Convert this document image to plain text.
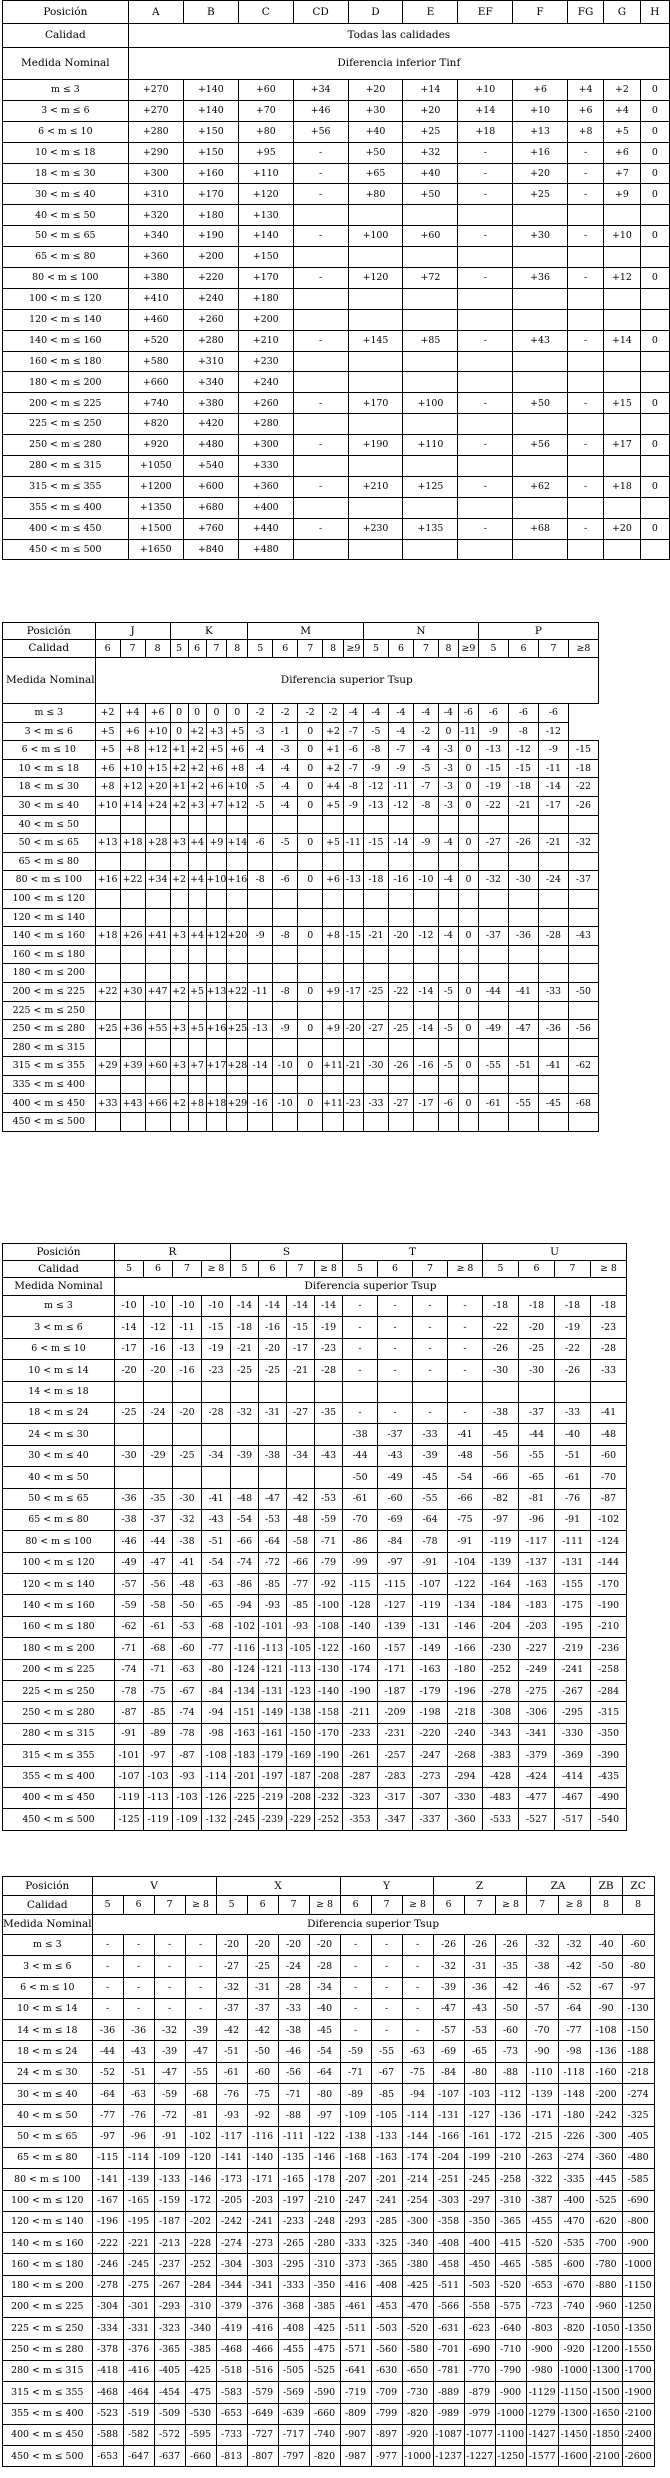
Posición	A	B	C	CD	D	E	EF	F	FG	G	H
Calidad	Todas las calidades										
Medida Nominal	Diferencia inferior Tinf										
m ≤ 3	+270	+140	+60	+34	+20	+14	+10	+6	+4	+2	0
3 < m ≤ 6	+270	+140	+70	+46	+30	+20	+14	+10	+6	+4	0
6 < m ≤ 10	+280	+150	+80	+56	+40	+25	+18	+13	+8	+5	0
10 < m ≤ 18	+290	+150	+95	-	+50	+32	-	+16	-	+6	0
18 < m ≤ 30	+300	+160	+110	-	+65	+40	-	+20	-	+7	0
30 < m ≤ 40	+310	+170	+120	-	+80	+50	-	+25	-	+9	0
40 < m ≤ 50	+320	+180	+130								
50 < m ≤ 65	+340	+190	+140	-	+100	+60	-	+30	-	+10	0
65 < m ≤ 80	+360	+200	+150								
80 < m ≤ 100	+380	+220	+170	-	+120	+72	-	+36	-	+12	0
100 < m ≤ 120	+410	+240	+180								
120 < m ≤ 140	+460	+260	+200								
140 < m ≤ 160	+520	+280	+210	-	+145	+85	-	+43	-	+14	0
160 < m ≤ 180	+580	+310	+230								
180 < m ≤ 200	+660	+340	+240								
200 < m ≤ 225	+740	+380	+260	-	+170	+100	-	+50	-	+15	0
225 < m ≤ 250	+820	+420	+280								
250 < m ≤ 280	+920	+480	+300	-	+190	+110	-	+56	-	+17	0
280 < m ≤ 315	+1050	+540	+330								
315 < m ≤ 355	+1200	+600	+360	-	+210	+125	-	+62	-	+18	0
355 < m ≤ 400	+1350	+680	+400								
400 < m ≤ 450	+1500	+760	+440	-	+230	+135	-	+68	-	+20	0
450 < m ≤ 500	+1650	+840	+480								
Posición	J			K				M					N					P			
Calidad	6	7	8	5	6	7	8	5	6	7	8	≥9	5	6	7	8	≥9	5	6	7	≥8
Medida Nominal	Diferencia superior Tsup																				
m ≤ 3	+2	+4	+6	0	0	0	0	-2	-2	-2	-2	-4	-4	-4	-4	-4	-6	-6	-6	-6	
3 < m ≤ 6	+5	+6	+10	0	+2	+3	+5	-3	-1	0	+2	-7	-5	-4	-2	0	-11	-9	-8	-12	
6 < m ≤ 10	+5	+8	+12	+1	+2	+5	+6	-4	-3	0	+1	-6	-8	-7	-4	-3	0	-13	-12	-9	-15
10 < m ≤ 18	+6	+10	+15	+2	+2	+6	+8	-4	-4	0	+2	-7	-9	-9	-5	-3	0	-15	-15	-11	-18
18 < m ≤ 30	+8	+12	+20	+1	+2	+6	+10	-5	-4	0	+4	-8	-12	-11	-7	-3	0	-19	-18	-14	-22
30 < m ≤ 40	+10	+14	+24	+2	+3	+7	+12	-5	-4	0	+5	-9	-13	-12	-8	-3	0	-22	-21	-17	-26
40 < m ≤ 50																					
50 < m ≤ 65	+13	+18	+28	+3	+4	+9	+14	-6	-5	0	+5	-11	-15	-14	-9	-4	0	-27	-26	-21	-32
65 < m ≤ 80																					
80 < m ≤ 100	+16	+22	+34	+2	+4	+10	+16	-8	-6	0	+6	-13	-18	-16	-10	-4	0	-32	-30	-24	-37
100 < m ≤ 120																					
120 < m ≤ 140																					
140 < m ≤ 160	+18	+26	+41	+3	+4	+12	+20	-9	-8	0	+8	-15	-21	-20	-12	-4	0	-37	-36	-28	-43
160 < m ≤ 180																					
180 < m ≤ 200																					
200 < m ≤ 225	+22	+30	+47	+2	+5	+13	+22	-11	-8	0	+9	-17	-25	-22	-14	-5	0	-44	-41	-33	-50
225 < m ≤ 250																					
250 < m ≤ 280	+25	+36	+55	+3	+5	+16	+25	-13	-9	0	+9	-20	-27	-25	-14	-5	0	-49	-47	-36	-56
280 < m ≤ 315																					
315 < m ≤ 355	+29	+39	+60	+3	+7	+17	+28	-14	-10	0	+11	-21	-30	-26	-16	-5	0	-55	-51	-41	-62
335 < m ≤ 400																					
400 < m ≤ 450	+33	+43	+66	+2	+8	+18	+29	-16	-10	0	+11	-23	-33	-27	-17	-6	0	-61	-55	-45	-68
450 < m ≤ 500																					
Posición	R				S				T				U			
Calidad	5	6	7	≥ 8	5	6	7	≥ 8	5	6	7	≥ 8	5	6	7	≥ 8
Medida Nominal	Diferencia superior Tsup															
m ≤ 3	-10	-10	-10	-10	-14	-14	-14	-14	-	-	-	-	-18	-18	-18	-18
3 < m ≤ 6	-14	-12	-11	-15	-18	-16	-15	-19	-	-	-	-	-22	-20	-19	-23
6 < m ≤ 10	-17	-16	-13	-19	-21	-20	-17	-23	-	-	-	-	-26	-25	-22	-28
10 < m ≤ 14	-20	-20	-16	-23	-25	-25	-21	-28	-	-	-	-	-30	-30	-26	-33
14 < m ≤ 18																
18 < m ≤ 24	-25	-24	-20	-28	-32	-31	-27	-35	-	-	-	-	-38	-37	-33	-41
24 < m ≤ 30									-38	-37	-33	-41	-45	-44	-40	-48
30 < m ≤ 40	-30	-29	-25	-34	-39	-38	-34	-43	-44	-43	-39	-48	-56	-55	-51	-60
40 < m ≤ 50									-50	-49	-45	-54	-66	-65	-61	-70
50 < m ≤ 65	-36	-35	-30	-41	-48	-47	-42	-53	-61	-60	-55	-66	-82	-81	-76	-87
65 < m ≤ 80	-38	-37	-32	-43	-54	-53	-48	-59	-70	-69	-64	-75	-97	-96	-91	-102
80 < m ≤ 100	-46	-44	-38	-51	-66	-64	-58	-71	-86	-84	-78	-91	-119	-117	-111	-124
100 < m ≤ 120	-49	-47	-41	-54	-74	-72	-66	-79	-99	-97	-91	-104	-139	-137	-131	-144
120 < m ≤ 140	-57	-56	-48	-63	-86	-85	-77	-92	-115	-115	-107	-122	-164	-163	-155	-170
140 < m ≤ 160	-59	-58	-50	-65	-94	-93	-85	-100	-128	-127	-119	-134	-184	-183	-175	-190
160 < m ≤ 180	-62	-61	-53	-68	-102	-101	-93	-108	-140	-139	-131	-146	-204	-203	-195	-210
180 < m ≤ 200	-71	-68	-60	-77	-116	-113	-105	-122	-160	-157	-149	-166	-230	-227	-219	-236
200 < m ≤ 225	-74	-71	-63	-80	-124	-121	-113	-130	-174	-171	-163	-180	-252	-249	-241	-258
225 < m ≤ 250	-78	-75	-67	-84	-134	-131	-123	-140	-190	-187	-179	-196	-278	-275	-267	-284
250 < m ≤ 280	-87	-85	-74	-94	-151	-149	-138	-158	-211	-209	-198	-218	-308	-306	-295	-315
280 < m ≤ 315	-91	-89	-78	-98	-163	-161	-150	-170	-233	-231	-220	-240	-343	-341	-330	-350
315 < m ≤ 355	-101	-97	-87	-108	-183	-179	-169	-190	-261	-257	-247	-268	-383	-379	-369	-390
355 < m ≤ 400	-107	-103	-93	-114	-201	-197	-187	-208	-287	-283	-273	-294	-428	-424	-414	-435
400 < m ≤ 450	-119	-113	-103	-126	-225	-219	-208	-232	-323	-317	-307	-330	-483	-477	-467	-490
450 < m ≤ 500	-125	-119	-109	-132	-245	-239	-229	-252	-353	-347	-337	-360	-533	-527	-517	-540
Posición	V				X				Y			Z			ZA		ZB	ZC
Calidad	5	6	7	≥ 8	5	6	7	≥ 8	6	7	≥ 8	6	7	≥ 8	7	≥ 8	8	8
Medida Nominal	Diferencia superior Tsup																	
m ≤ 3	-	-	-	-	-20	-20	-20	-20	-	-	-	-26	-26	-26	-32	-32	-40	-60
3 < m ≤ 6	-	-	-	-	-27	-25	-24	-28	-	-	-	-32	-31	-35	-38	-42	-50	-80
6 < m ≤ 10	-	-	-	-	-32	-31	-28	-34	-	-	-	-39	-36	-42	-46	-52	-67	-97
10 < m ≤ 14	-	-	-	-	-37	-37	-33	-40	-	-	-	-47	-43	-50	-57	-64	-90	-130
14 < m ≤ 18	-36	-36	-32	-39	-42	-42	-38	-45	-	-	-	-57	-53	-60	-70	-77	-108	-150
18 < m ≤ 24	-44	-43	-39	-47	-51	-50	-46	-54	-59	-55	-63	-69	-65	-73	-90	-98	-136	-188
24 < m ≤ 30	-52	-51	-47	-55	-61	-60	-56	-64	-71	-67	-75	-84	-80	-88	-110	-118	-160	-218
30 < m ≤ 40	-64	-63	-59	-68	-76	-75	-71	-80	-89	-85	-94	-107	-103	-112	-139	-148	-200	-274
40 < m ≤ 50	-77	-76	-72	-81	-93	-92	-88	-97	-109	-105	-114	-131	-127	-136	-171	-180	-242	-325
50 < m ≤ 65	-97	-96	-91	-102	-117	-116	-111	-122	-138	-133	-144	-166	-161	-172	-215	-226	-300	-405
65 < m ≤ 80	-115	-114	-109	-120	-141	-140	-135	-146	-168	-163	-174	-204	-199	-210	-263	-274	-360	-480
80 < m ≤ 100	-141	-139	-133	-146	-173	-171	-165	-178	-207	-201	-214	-251	-245	-258	-322	-335	-445	-585
100 < m ≤ 120	-167	-165	-159	-172	-205	-203	-197	-210	-247	-241	-254	-303	-297	-310	-387	-400	-525	-690
120 < m ≤ 140	-196	-195	-187	-202	-242	-241	-233	-248	-293	-285	-300	-358	-350	-365	-455	-470	-620	-800
140 < m ≤ 160	-222	-221	-213	-228	-274	-273	-265	-280	-333	-325	-340	-408	-400	-415	-520	-535	-700	-900
160 < m ≤ 180	-246	-245	-237	-252	-304	-303	-295	-310	-373	-365	-380	-458	-450	-465	-585	-600	-780	-1000
180 < m ≤ 200	-278	-275	-267	-284	-344	-341	-333	-350	-416	-408	-425	-511	-503	-520	-653	-670	-880	-1150
200 < m ≤ 225	-304	-301	-293	-310	-379	-376	-368	-385	-461	-453	-470	-566	-558	-575	-723	-740	-960	-1250
225 < m ≤ 250	-334	-331	-323	-340	-419	-416	-408	-425	-511	-503	-520	-631	-623	-640	-803	-820	-1050	-1350
250 < m ≤ 280	-378	-376	-365	-385	-468	-466	-455	-475	-571	-560	-580	-701	-690	-710	-900	-920	-1200	-1550
280 < m ≤ 315	-418	-416	-405	-425	-518	-516	-505	-525	-641	-630	-650	-781	-770	-790	-980	-1000	-1300	-1700
315 < m ≤ 355	-468	-464	-454	-475	-583	-579	-569	-590	-719	-709	-730	-889	-879	-900	-1129	-1150	-1500	-1900
355 < m ≤ 400	-523	-519	-509	-530	-653	-649	-639	-660	-809	-799	-820	-989	-979	-1000	-1279	-1300	-1650	-2100
400 < m ≤ 450	-588	-582	-572	-595	-733	-727	-717	-740	-907	-897	-920	-1087	-1077	-1100	-1427	-1450	-1850	-2400
450 < m ≤ 500	-653	-647	-637	-660	-813	-807	-797	-820	-987	-977	-1000	-1237	-1227	-1250	-1577	-1600	-2100	-2600
